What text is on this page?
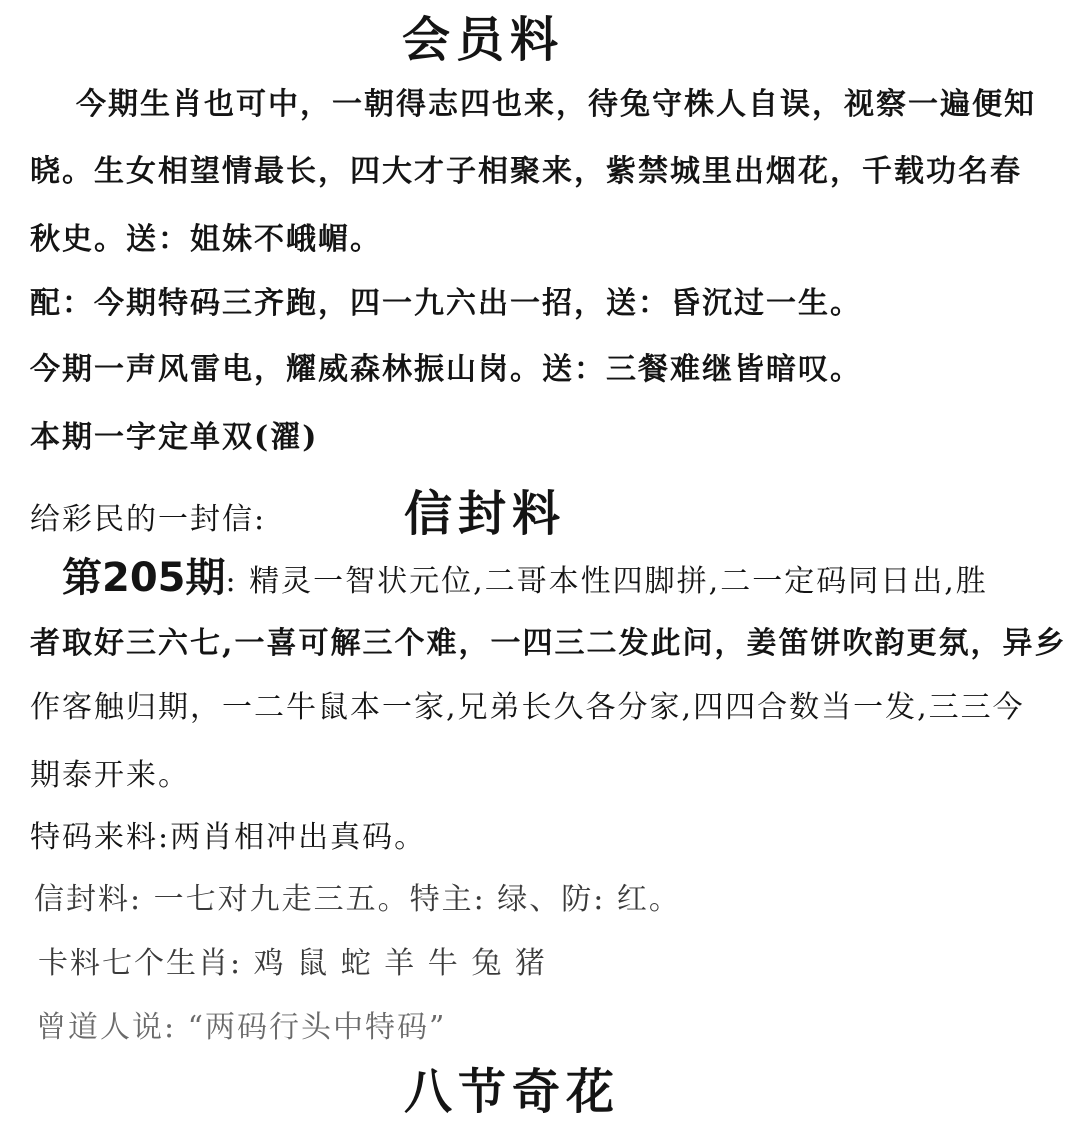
会员料
今期生肖也可中，一朝得志四也来，待兔守株人自误，视察一遍便知
晓。生女相望情最长，四大才子相聚来，紫禁城里出烟花，千载功名春
秋史。送：姐妹不峨嵋。
配：今期特码三齐跑，四一九六出一招，送：昏沉过一生。
今期一声风雷电，耀威森林振山岗。送：三餐难继皆暗叹。
本期一字定单双(濯)
给彩民的一封信:	信封料
第205期: 精灵一智状元位,二哥本性四脚拼,二一定码同日出,胜
者取好三六七,一喜可解三个难，一四三二发此问，姜笛饼吹韵更氛，异乡
作客触归期，一二牛鼠本一家,兄弟长久各分家,四四合数当一发,三三今
期泰开来。
特码来料:两肖相冲出真码。
信封料: 一七对九走三五。特主: 绿、防: 红。
卡料七个生肖: 鸡 鼠 蛇 羊 牛 兔 猪
曾道人说: “两码行头中特码”
八节奇花
